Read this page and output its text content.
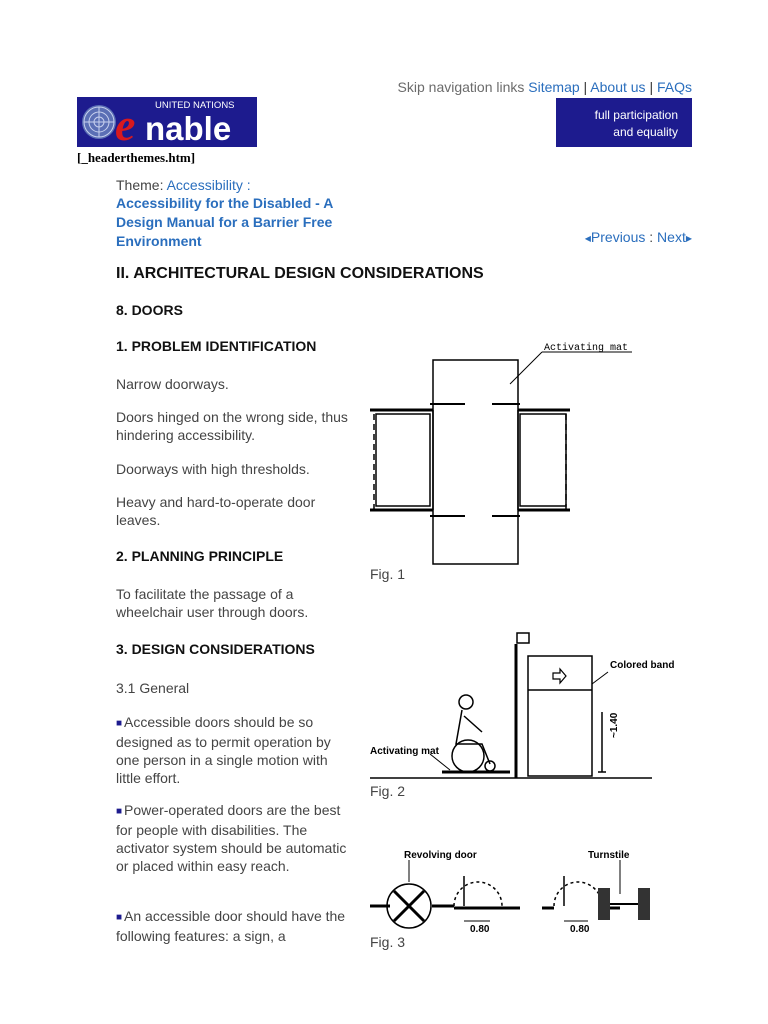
Skip navigation links Sitemap | About us | FAQs
e nable
UNITED NATIONS
full participation
and equality
[_headerthemes.htm]
Theme: Accessibility :
Accessibility for the Disabled - A Design Manual for a Barrier Free Environment	◀Previous : Next▶
II. ARCHITECTURAL DESIGN CONSIDERATIONS
8. DOORS
1. PROBLEM IDENTIFICATION
Narrow doorways.
Doors hinged on the wrong side, thus hindering accessibility.
Doorways with high thresholds.
Heavy and hard-to-operate door leaves.
2. PLANNING PRINCIPLE
To facilitate the passage of a wheelchair user through doors.
3. DESIGN CONSIDERATIONS
3.1 General
■ Accessible doors should be so designed as to permit operation by one person in a single motion with little effort.
■ Power-operated doors are the best for people with disabilities. The activator system should be automatic or placed within easy reach.
■ An accessible door should have the following features: a sign, a
Activating mat
Fig. 1
Colored band
Activating mat
~1.40
Fig. 2
Revolving door	Turnstile
0.80	0.80
Fig. 3
